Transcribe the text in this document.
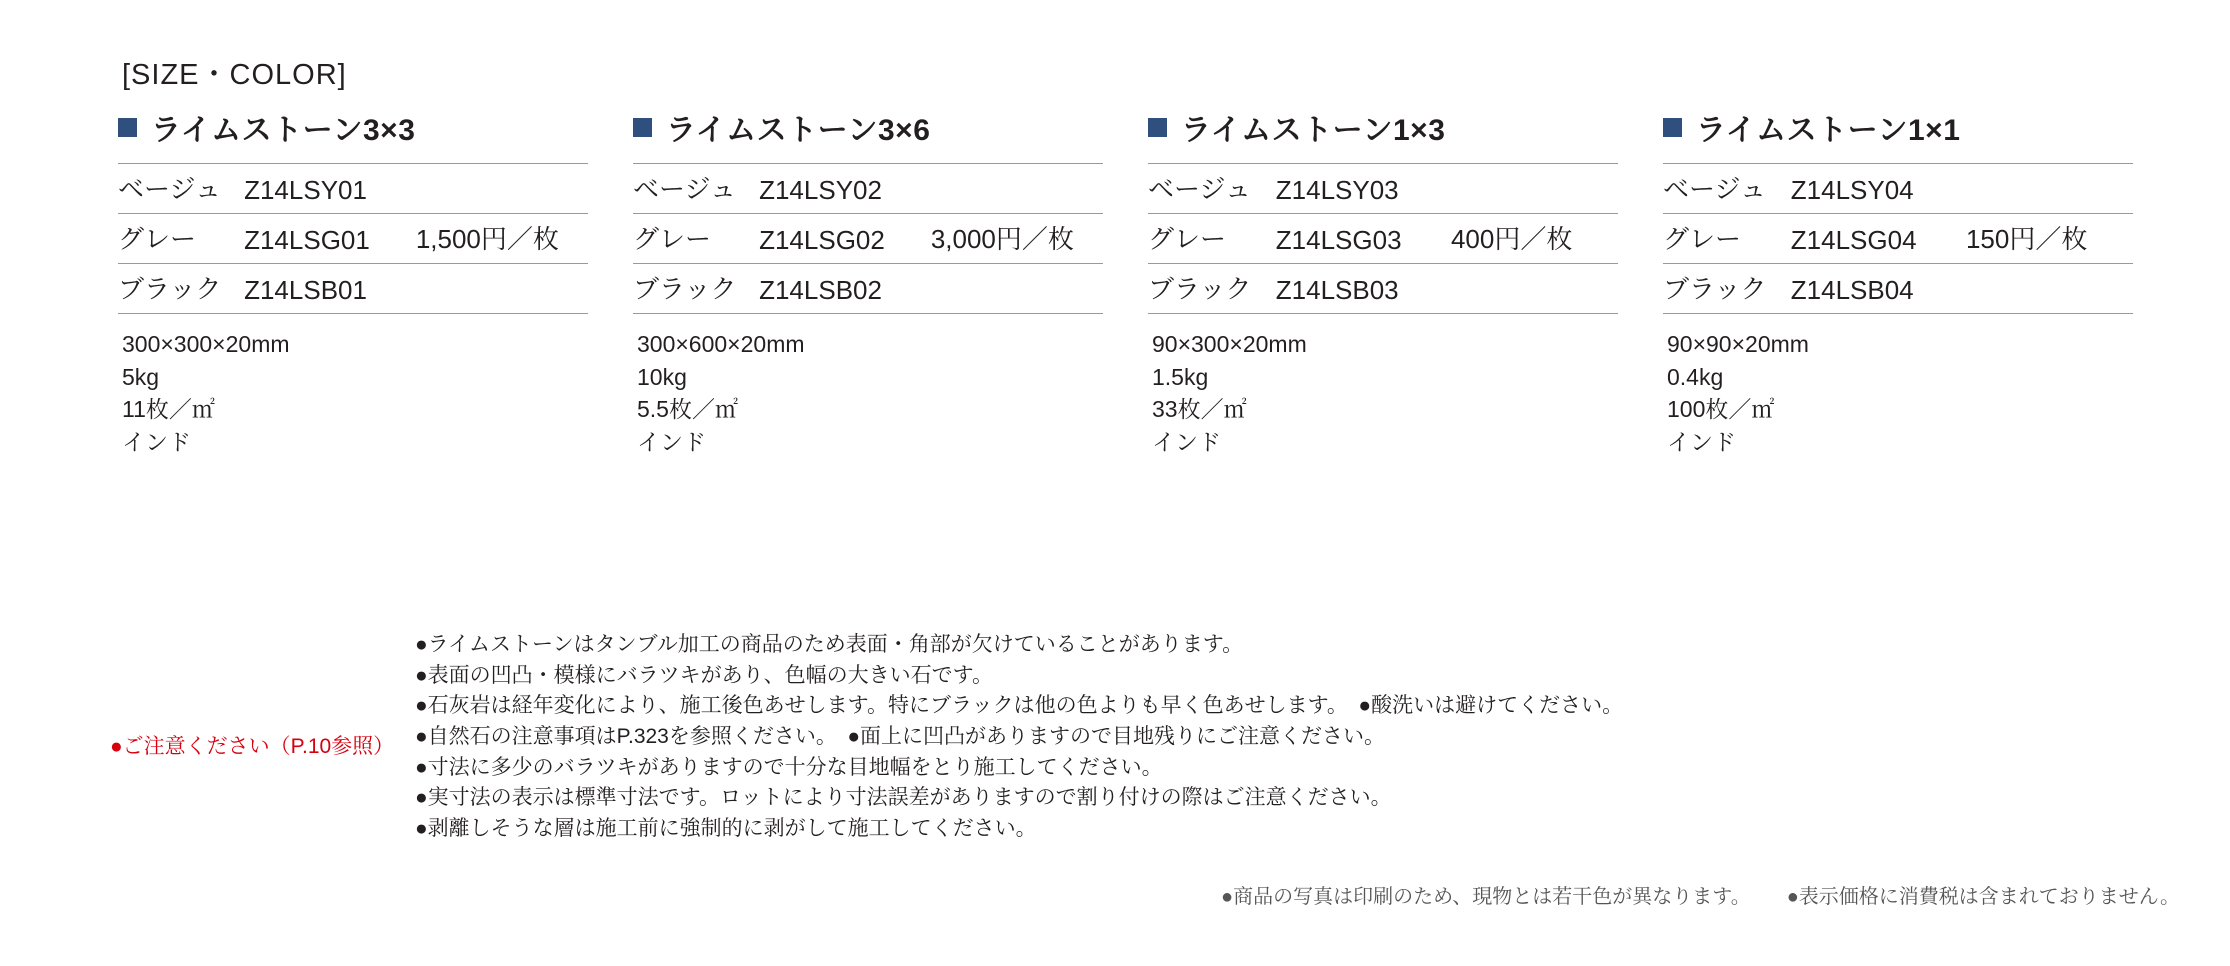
[SIZE・COLOR]
ライムストーン3×3
ベージュ	Z14LSY01	
グレー	Z14LSG01	1,500円／枚
ブラック	Z14LSB01	
300×300×20mm
5kg
11枚／㎡
インド
ライムストーン3×6
ベージュ	Z14LSY02	
グレー	Z14LSG02	3,000円／枚
ブラック	Z14LSB02	
300×600×20mm
10kg
5.5枚／㎡
インド
ライムストーン1×3
ベージュ	Z14LSY03	
グレー	Z14LSG03	400円／枚
ブラック	Z14LSB03	
90×300×20mm
1.5kg
33枚／㎡
インド
ライムストーン1×1
ベージュ	Z14LSY04	
グレー	Z14LSG04	150円／枚
ブラック	Z14LSB04	
90×90×20mm
0.4kg
100枚／㎡
インド
●ご注意ください（P.10参照）
●ライムストーンはタンブル加工の商品のため表面・角部が欠けていることがあります。
●表面の凹凸・模様にバラツキがあり、色幅の大きい石です。
●石灰岩は経年変化により、施工後色あせします。特にブラックは他の色よりも早く色あせします。　●酸洗いは避けてください。
●自然石の注意事項はP.323を参照ください。　●面上に凹凸がありますので目地残りにご注意ください。
●寸法に多少のバラツキがありますので十分な目地幅をとり施工してください。
●実寸法の表示は標準寸法です。ロットにより寸法誤差がありますので割り付けの際はご注意ください。
●剥離しそうな層は施工前に強制的に剥がして施工してください。
●商品の写真は印刷のため、現物とは若干色が異なります。 ●表示価格に消費税は含まれておりません。
